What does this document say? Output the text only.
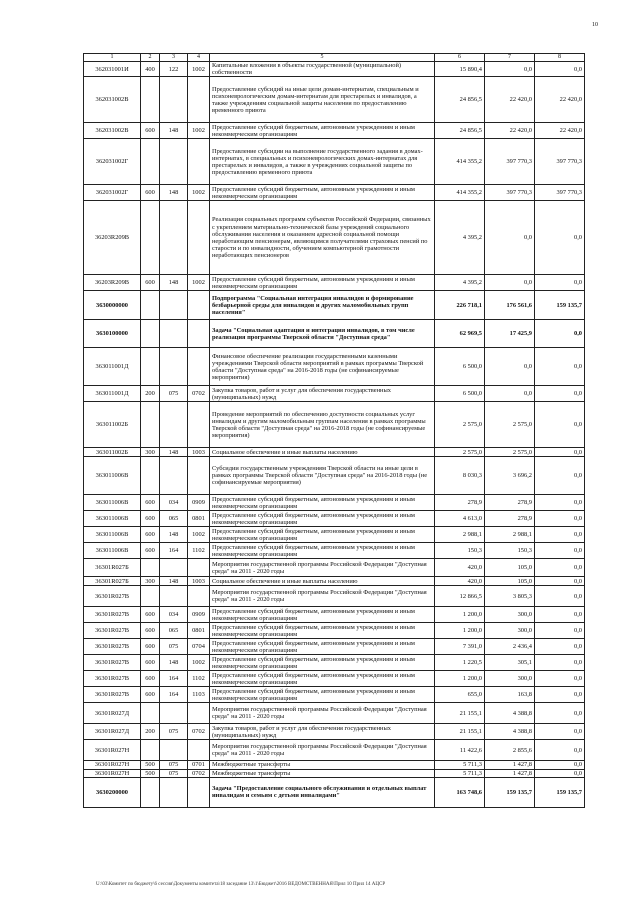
10
1	2	3	4	5	6	7	8
362031001И	400	122	1002	Капитальные вложения в объекты государственной (муниципальной) собственности	15 890,4	0,0	0,0
362031002В				Предоставление субсидий на иные цели домам-интернатам, специальным и психоневрологическим домам-интернатам для престарелых и инвалидов, а также учреждениям социальной защиты населения по предоставлению временного приюта	24 856,5	22 420,0	22 420,0
362031002В	600	148	1002	Предоставление субсидий бюджетным, автономным учреждениям и иным некоммерческим организациям	24 856,5	22 420,0	22 420,0
362031002Г				Предоставление субсидии на выполнение государственного задания в домах-интернатах, в специальных и психоневрологических домах-интернатах для престарелых и инвалидов, а также в учреждениях социальной защиты по предоставлению временного приюта	414 355,2	397 770,3	397 770,3
362031002Г	600	148	1002	Предоставление субсидий бюджетным, автономным учреждениям и иным некоммерческим организациям	414 355,2	397 770,3	397 770,3
36203R209В				Реализация социальных программ субъектов Российской Федерации, связанных с укреплением материально-технической базы учреждений социального обслуживания населения и оказанием адресной социальной помощи неработающим пенсионерам, являющимся получателями страховых пенсий по старости и по инвалидности, обучением компьютерной грамотности неработающих пенсионеров	4 395,2	0,0	0,0
36203R209В	600	148	1002	Предоставление субсидий бюджетным, автономным учреждениям и иным некоммерческим организациям	4 395,2	0,0	0,0
3630000000				Подпрограмма "Социальная интеграция инвалидов и формирование безбарьерной среды для инвалидов и других маломобильных групп населения"	226 718,1	176 561,6	159 135,7
3630100000				Задача "Социальная адаптация и интеграция инвалидов, в том числе реализация программы Тверской области "Доступная среда"	62 969,5	17 425,9	0,0
363011001Д				Финансовое обеспечение реализации государственными казенными учреждениями Тверской области мероприятий в рамках программы Тверской области "Доступная среда" на 2016-2018 годы (не софинансируемые мероприятия)	6 500,0	0,0	0,0
363011001Д	200	075	0702	Закупка товаров, работ и услуг для обеспечения государственных (муниципальных) нужд	6 500,0	0,0	0,0
363011002Б				Проведение мероприятий по обеспечению доступности социальных услуг инвалидам и другим маломобильным группам населения в рамках программы Тверской области "Доступная среда" на 2016-2018 годы (не софинансируемые мероприятия)	2 575,0	2 575,0	0,0
363011002Б	300	148	1003	Социальное обеспечение и иные выплаты населению	2 575,0	2 575,0	0,0
363011006В				Субсидии государственным учреждениям Тверской области на иные цели в рамках программы Тверской области "Доступная среда" на 2016-2018 годы (не софинансируемые мероприятия)	8 030,3	3 696,2	0,0
363011006В	600	034	0909	Предоставление субсидий бюджетным, автономным учреждениям и иным некоммерческим организациям	278,9	278,9	0,0
363011006В	600	065	0801	Предоставление субсидий бюджетным, автономным учреждениям и иным некоммерческим организациям	4 613,0	278,9	0,0
363011006В	600	148	1002	Предоставление субсидий бюджетным, автономным учреждениям и иным некоммерческим организациям	2 988,1	2 988,1	0,0
363011006В	600	164	1102	Предоставление субсидий бюджетным, автономным учреждениям и иным некоммерческим организациям	150,3	150,3	0,0
36301R027Б				Мероприятия государственной программы Российской Федерации "Доступная среда" на 2011 - 2020 годы	420,0	105,0	0,0
36301R027Б	300	148	1003	Социальное обеспечение и иные выплаты населению	420,0	105,0	0,0
36301R027В				Мероприятия государственной программы Российской Федерации "Доступная среда" на 2011 - 2020 годы	12 866,5	3 805,3	0,0
36301R027В	600	034	0909	Предоставление субсидий бюджетным, автономным учреждениям и иным некоммерческим организациям	1 200,0	300,0	0,0
36301R027В	600	065	0801	Предоставление субсидий бюджетным, автономным учреждениям и иным некоммерческим организациям	1 200,0	300,0	0,0
36301R027В	600	075	0704	Предоставление субсидий бюджетным, автономным учреждениям и иным некоммерческим организациям	7 391,0	2 436,4	0,0
36301R027В	600	148	1002	Предоставление субсидий бюджетным, автономным учреждениям и иным некоммерческим организациям	1 220,5	305,1	0,0
36301R027В	600	164	1102	Предоставление субсидий бюджетным, автономным учреждениям и иным некоммерческим организациям	1 200,0	300,0	0,0
36301R027В	600	164	1103	Предоставление субсидий бюджетным, автономным учреждениям и иным некоммерческим организациям	655,0	163,8	0,0
36301R027Д				Мероприятия государственной программы Российской Федерации "Доступная среда" на 2011 - 2020 годы	21 155,1	4 388,8	0,0
36301R027Д	200	075	0702	Закупка товаров, работ и услуг для обеспечения государственных (муниципальных) нужд	21 155,1	4 388,8	0,0
36301R027Н				Мероприятия государственной программы Российской Федерации "Доступная среда" на 2011 - 2020 годы	11 422,6	2 855,6	0,0
36301R027Н	500	075	0701	Межбюджетные трансферты	5 711,3	1 427,8	0,0
36301R027Н	500	075	0702	Межбюджетные трансферты	5 711,3	1 427,8	0,0
3630200000				Задача "Предоставление социального обслуживания и отдельных выплат инвалидам и семьям с детьми инвалидами"	163 748,6	159 135,7	159 135,7
U:\03\Комитет по бюджету\6 сессия\Документы комитета\18 заседание 13\1\Бюджет\2016 ВЕДОМСТВЕННАЯ\Прил 10 Прил 14 АЦСР
